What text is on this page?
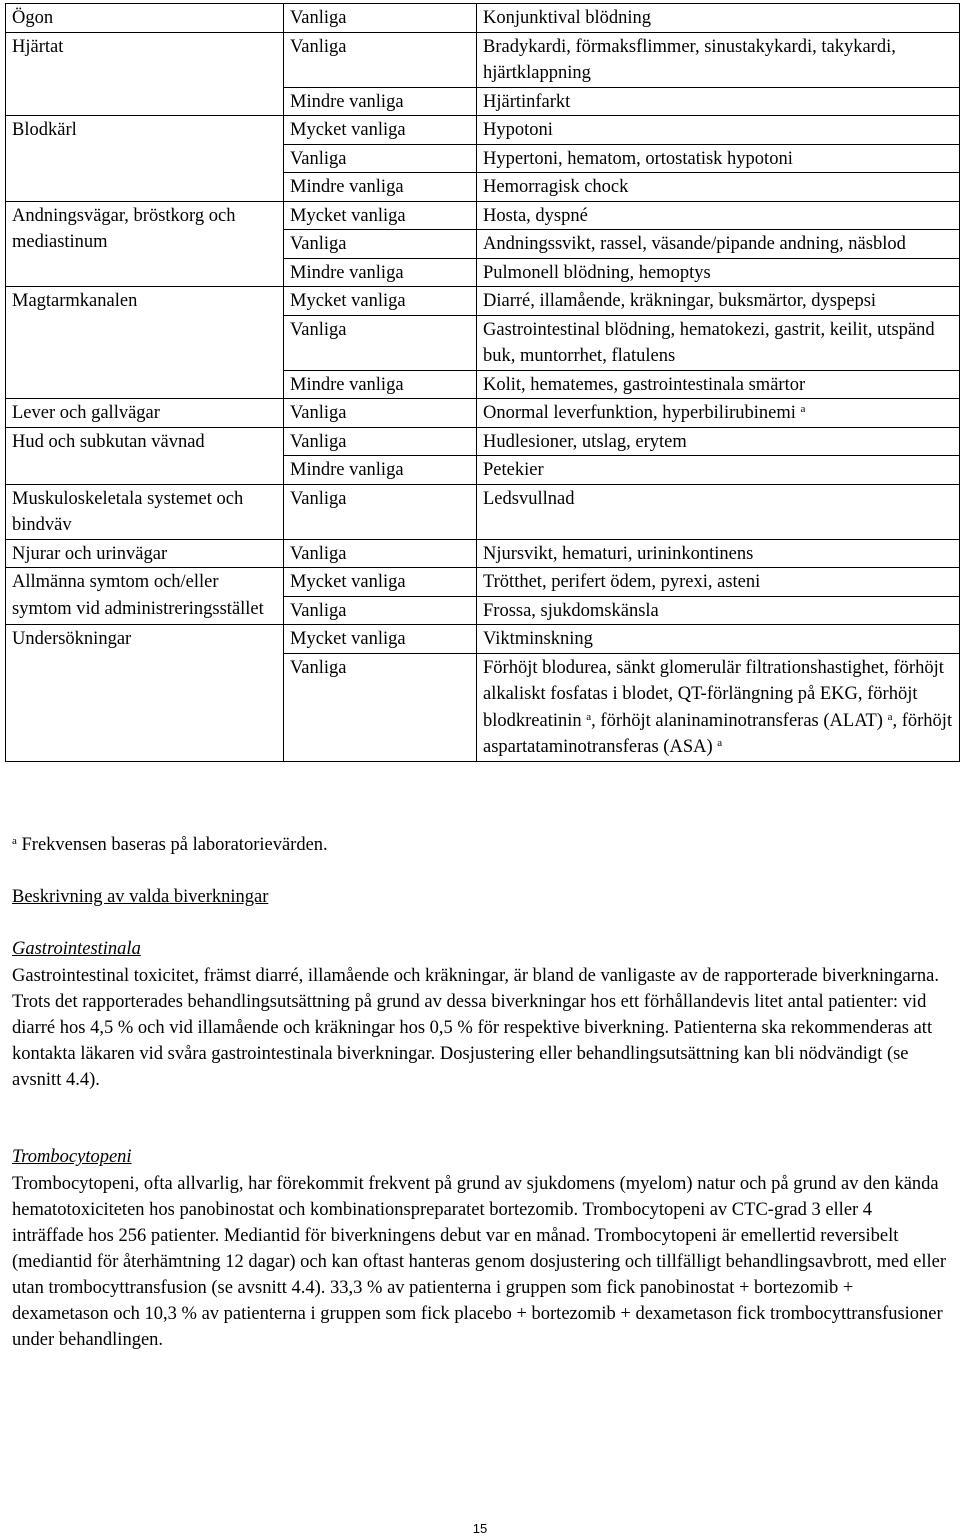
Ögon	Vanliga	Konjunktival blödning
Hjärtat	Vanliga	Bradykardi, förmaksflimmer, sinustakykardi, takykardi, hjärtklappning
	Mindre vanliga	Hjärtinfarkt
Blodkärl	Mycket vanliga	Hypotoni
	Vanliga	Hypertoni, hematom, ortostatisk hypotoni
	Mindre vanliga	Hemorragisk chock
Andningsvägar, bröstkorg och mediastinum	Mycket vanliga	Hosta, dyspné
	Vanliga	Andningssvikt, rassel, väsande/pipande andning, näsblod
	Mindre vanliga	Pulmonell blödning, hemoptys
Magtarmkanalen	Mycket vanliga	Diarré, illamående, kräkningar, buksmärtor, dyspepsi
	Vanliga	Gastrointestinal blödning, hematokezi, gastrit, keilit, utspänd buk, muntorrhet, flatulens
	Mindre vanliga	Kolit, hematemes, gastrointestinala smärtor
Lever och gallvägar	Vanliga	Onormal leverfunktion, hyperbilirubinemi $^a$
Hud och subkutan vävnad	Vanliga	Hudlesioner, utslag, erytem
	Mindre vanliga	Petekier
Muskuloskeletala systemet och bindväv	Vanliga	Ledsvullnad
Njurar och urinvägar	Vanliga	Njursvikt, hematuri, urininkontinens
Allmänna symtom och/eller symtom vid administreringsstället	Mycket vanliga	Trötthet, perifert ödem, pyrexi, asteni
	Vanliga	Frossa, sjukdomskänsla
Undersökningar	Mycket vanliga	Viktminskning
	Vanliga	Förhöjt blodurea, sänkt glomerulär filtrationshastighet, förhöjt alkaliskt fosfatas i blodet, QT-förlängning på EKG, förhöjt blodkreatinin $^a$, förhöjt alaninaminotransferas (ALAT) $^a$, förhöjt aspartataminotransferas (ASA) $^a$
$^a$ Frekvensen baseras på laboratorievärden.
Beskrivning av valda biverkningar
Gastrointestinala

Gastrointestinal toxicitet, främst diarré, illamående och kräkningar, är bland de vanligaste av de rapporterade biverkningarna. Trots det rapporterades behandlingsutsättning på grund av dessa biverkningar hos ett förhållandevis litet antal patienter: vid diarré hos 4,5 % och vid illamående och kräkningar hos 0,5 % för respektive biverkning. Patienterna ska rekommenderas att kontakta läkaren vid svåra gastrointestinala biverkningar. Dosjustering eller behandlingsutsättning kan bli nödvändigt (se avsnitt 4.4).

Trombocytopeni

Trombocytopeni, ofta allvarlig, har förekommit frekvent på grund av sjukdomens (myelom) natur och på grund av den kända hematotoxiciteten hos panobinostat och kombinationspreparatet bortezomib. Trombocytopeni av CTC-grad 3 eller 4 inträffade hos 256 patienter. Mediantid för biverkningens debut var en månad. Trombocytopeni är emellertid reversibelt (mediantid för återhämtning 12 dagar) och kan oftast hanteras genom dosjustering och tillfälligt behandlingsavbrott, med eller utan trombocyttransfusion (se avsnitt 4.4). 33,3 % av patienterna i gruppen som fick panobinostat + bortezomib + dexametason och 10,3 % av patienterna i gruppen som fick placebo + bortezomib + dexametason fick trombocyttransfusioner under behandlingen.

15
